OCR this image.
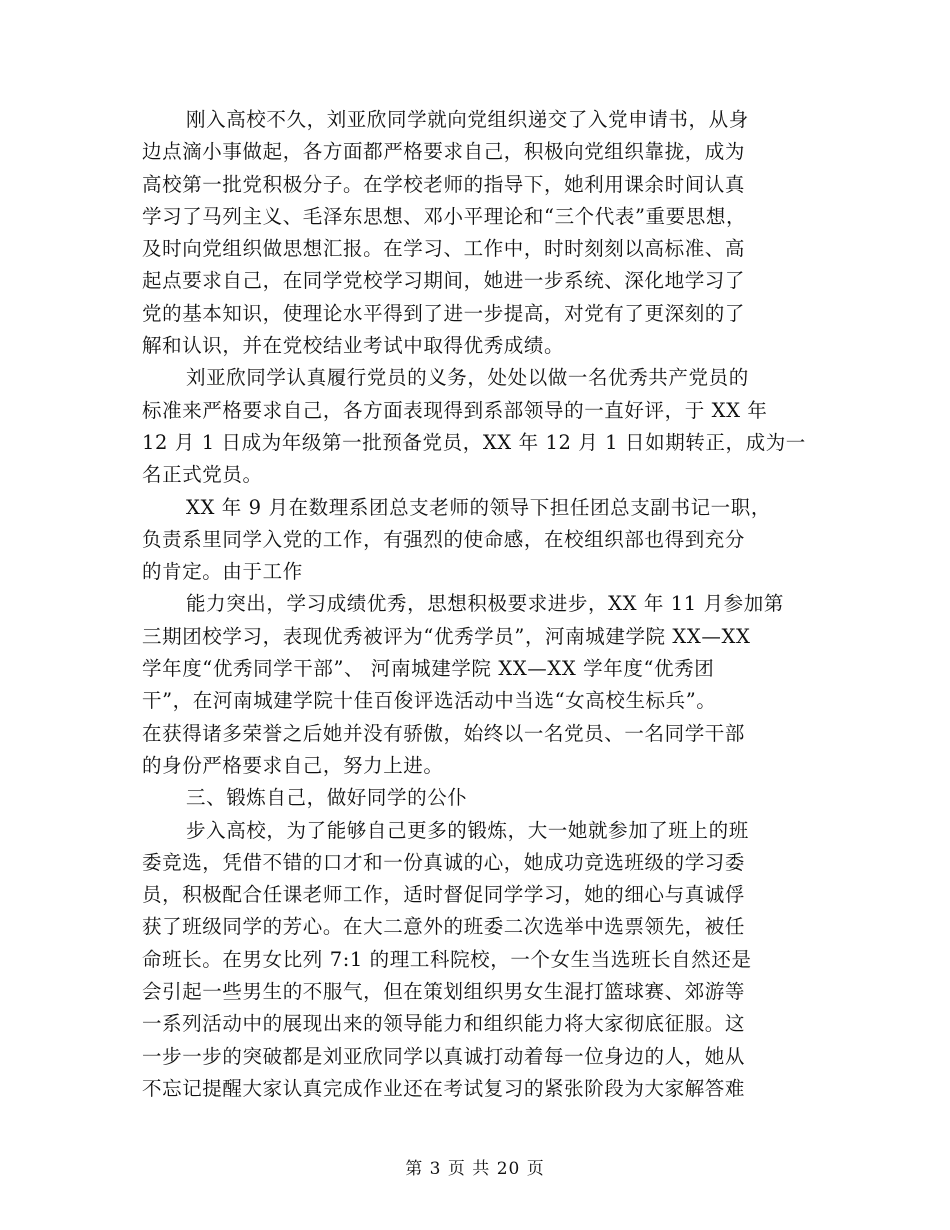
刚入高校不久，刘亚欣同学就向党组织递交了入党申请书，从身
边点滴小事做起，各方面都严格要求自己，积极向党组织靠拢，成为
高校第一批党积极分子。在学校老师的指导下，她利用课余时间认真
学习了马列主义、毛泽东思想、邓小平理论和“三个代表”重要思想，
及时向党组织做思想汇报。在学习、工作中，时时刻刻以高标准、高
起点要求自己，在同学党校学习期间，她进一步系统、深化地学习了
党的基本知识，使理论水平得到了进一步提高，对党有了更深刻的了
解和认识，并在党校结业考试中取得优秀成绩。
刘亚欣同学认真履行党员的义务，处处以做一名优秀共产党员的
标准来严格要求自己，各方面表现得到系部领导的一直好评，于 XX 年
12 月 1 日成为年级第一批预备党员，XX 年 12 月 1 日如期转正，成为一
名正式党员。
XX 年 9 月在数理系团总支老师的领导下担任团总支副书记一职，
负责系里同学入党的工作，有强烈的使命感，在校组织部也得到充分
的肯定。由于工作
能力突出，学习成绩优秀，思想积极要求进步，XX 年 11 月参加第
三期团校学习，表现优秀被评为“优秀学员”，河南城建学院 XX—XX
学年度“优秀同学干部”、 河南城建学院 XX—XX 学年度“优秀团
干”，在河南城建学院十佳百俊评选活动中当选“女高校生标兵”。
在获得诸多荣誉之后她并没有骄傲，始终以一名党员、一名同学干部
的身份严格要求自己，努力上进。
三、锻炼自己，做好同学的公仆
步入高校，为了能够自己更多的锻炼，大一她就参加了班上的班
委竞选，凭借不错的口才和一份真诚的心，她成功竞选班级的学习委
员，积极配合任课老师工作，适时督促同学学习，她的细心与真诚俘
获了班级同学的芳心。在大二意外的班委二次选举中选票领先，被任
命班长。在男女比列 7:1 的理工科院校，一个女生当选班长自然还是
会引起一些男生的不服气，但在策划组织男女生混打篮球赛、郊游等
一系列活动中的展现出来的领导能力和组织能力将大家彻底征服。这
一步一步的突破都是刘亚欣同学以真诚打动着每一位身边的人，她从
不忘记提醒大家认真完成作业还在考试复习的紧张阶段为大家解答难
第 3 页 共 20 页
